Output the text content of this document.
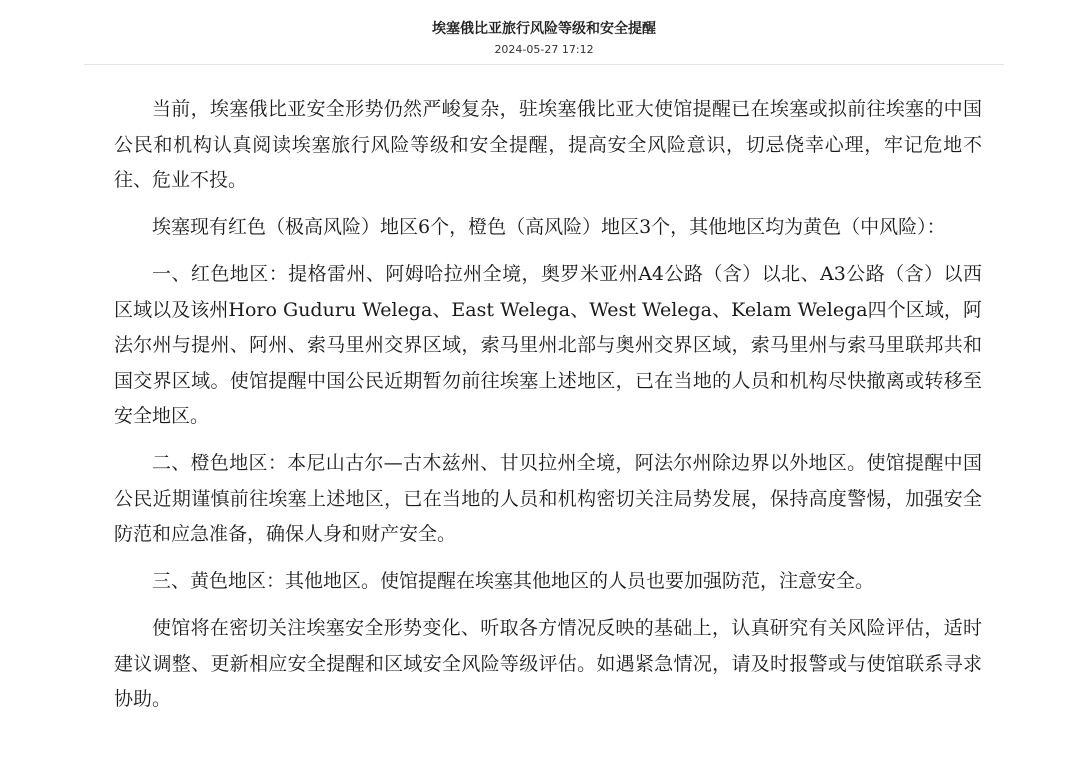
埃塞俄比亚旅行风险等级和安全提醒
2024-05-27 17:12

当前，埃塞俄比亚安全形势仍然严峻复杂，驻埃塞俄比亚大使馆提醒已在埃塞或拟前往埃塞的中国公民和机构认真阅读埃塞旅行风险等级和安全提醒，提高安全风险意识，切忌侥幸心理，牢记危地不往、危业不投。

埃塞现有红色（极高风险）地区6个，橙色（高风险）地区3个，其他地区均为黄色（中风险）：

一、红色地区：提格雷州、阿姆哈拉州全境，奥罗米亚州A4公路（含）以北、A3公路（含）以西区域以及该州Horo Guduru Welega、East Welega、West Welega、Kelam Welega四个区域，阿法尔州与提州、阿州、索马里州交界区域，索马里州北部与奥州交界区域，索马里州与索马里联邦共和国交界区域。使馆提醒中国公民近期暂勿前往埃塞上述地区，已在当地的人员和机构尽快撤离或转移至安全地区。

二、橙色地区：本尼山古尔—古木兹州、甘贝拉州全境，阿法尔州除边界以外地区。使馆提醒中国公民近期谨慎前往埃塞上述地区，已在当地的人员和机构密切关注局势发展，保持高度警惕，加强安全防范和应急准备，确保人身和财产安全。

三、黄色地区：其他地区。使馆提醒在埃塞其他地区的人员也要加强防范，注意安全。

使馆将在密切关注埃塞安全形势变化、听取各方情况反映的基础上，认真研究有关风险评估，适时建议调整、更新相应安全提醒和区域安全风险等级评估。如遇紧急情况，请及时报警或与使馆联系寻求协助。
